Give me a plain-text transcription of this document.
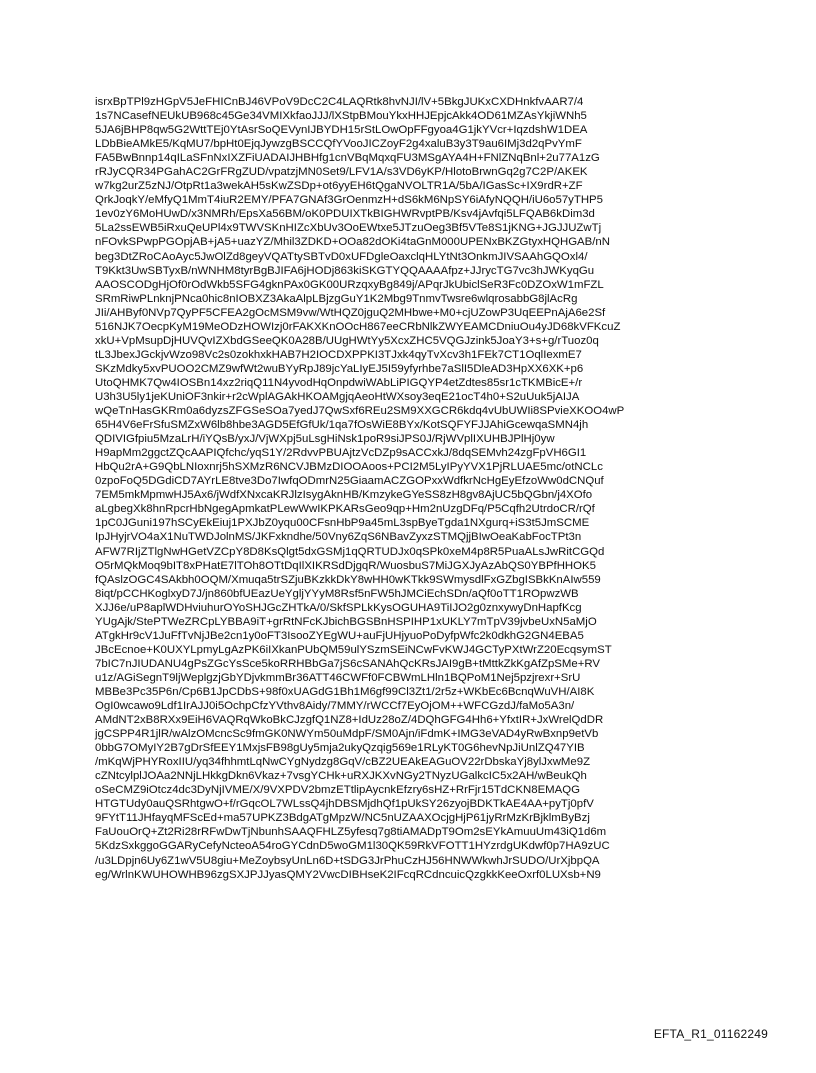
isrxBpTPl9zHGpV5JeFHICnBJ46VPoV9DcC2C4LAQRtk8hvNJI/lV+5BkgJUKxCXDHnkfvAAR7/4
1s7NCasefNEUkUB968c45Ge34VMIXkfaoJJJ/lXStpBMouYkxHHJEpjcAkk4OD61MZAsYkjiWNh5
5JA6jBHP8qw5G2WttTEj0YtAsrSoQEVynIJBYDH15rStLOwOpFFgyoa4G1jkYVcr+IqzdshW1DEA
LDbBieAMkE5/KqMU7/bpHt0EjqJywzgBSCCQfYVooJICZoyF2g4xaluB3y3T9au6IMj3d2qPvYmF
FA5BwBnnp14qILaSFnNxIXZFiUADAIJHBHfg1cnVBqMqxqFU3MSgAYA4H+FNlZNqBnl+2u77A1zG
rRJyCQR34PGahAC2GrFRgZUD/vpatzjMN0Set9/LFV1A/s3VD6yKP/HlotoBrwnGq2g7C2P/AKEK
w7kg2urZ5zNJ/OtpRt1a3wekAH5sKwZSDp+ot6yyEH6tQgaNVOLTR1A/5bA/IGasSc+IX9rdR+ZF
QrkJoqkY/eMfyQ1MmT4iuR2EMY/PFA7GNAf3GrOenmzH+dS6kM6NpSY6iAfyNQQH/iU6o57yTHP5
1ev0zY6MoHUwD/x3NMRh/EpsXa56BM/oK0PDUIXTkBIGHWRvptPB/Ksv4jAvfqi5LFQAB6kDim3d
5La2ssEWB5iRxuQeUPl4x9TWVSKnHIZcXbUv3OoEWtxe5JTzuOeg3Bf5VTe8S1jKNG+JGJJUZwTj
nFOvkSPwpPGOpjAB+jA5+uazYZ/Mhil3ZDKD+OOa82dOKi4taGnM000UPENxBKZGtyxHQHGAB/nN
beg3DtZRoCAoAyc5JwOlZd8geyVQATtySBTvD0xUFDgleOaxclqHLYtNt3OnkmJIVSAAhGQOxl4/
T9Kkt3UwSBTyxB/nWNHM8tyrBgBJIFA6jHODj863kiSKGTYQQAAAAfpz+JJrycTG7vc3hJWKyqGu
AAOSCODgHjOf0rOdWkb5SFG4gknPAx0GK00URzqxyBg849j/APqrJkUbiclSeR3Fc0DZOxW1mFZL
SRmRiwPLnknjPNca0hic8nIOBXZ3AkaAlpLBjzgGuY1K2Mbg9TnmvTwsre6wlqrosabbG8jlAcRg
JIi/AHByf0NVp7QyPF5CFEA2gOcMSM9vw/WtHQZ0jguQ2MHbwe+M0+cjUZowP3UqEEPnAjA6e2Sf
516NJK7OecpKyM19MeODzHOWIzj0rFAKXKnOOcH867eeCRbNlkZWYEAMCDniuOu4yJD68kVFKcuZ
xkU+VpMsupDjHUVQvIZXbdGSeeQK0A28B/UUgHWtYy5XcxZHC5VQGJzink5JoaY3+s+g/rTuoz0q
tL3JbexJGckjvWzo98Vc2s0zokhxkHAB7H2IOCDXPPKI3TJxk4qyTvXcv3h1FEk7CT1OqlIexmE7
SKzMdky5xvPUOO2CMZ9wfWt2wuBYyRpJ89jcYaLIyEJ5I59yfyrhbe7aSlI5DleAD3HpXX6XK+p6
UtoQHMK7Qw4IOSBn14xz2riqQ11N4yvodHqOnpdwiWAbLiPIGQYP4etZdtes85sr1cTKMBicE+/r
U3h3U5ly1jeKUniOF3nkir+r2cWplAGAkHKOAMgjqAeoHtWXsoy3eqE21ocT4h0+S2uUuk5jAIJA
wQeTnHasGKRm0a6dyzsZFGSeSOa7yedJ7QwSxf6REu2SM9XXGCR6kdq4vUbUWIi8SPvieXKOO4wP
65H4V6eFrSfuSMZxW6lb8hbe3AGD5EfGfUk/1qa7fOsWiE8BYx/KotSQFYFJJAhiGcewqaSMN4jh
QDIVIGfpiu5MzaLrH/iYQsB/yxJ/VjWXpj5uLsgHiNsk1poR9siJPS0J/RjWVplIXUHBJPlHj0yw
H9apMm2ggctZQcAAPIQfchc/yqS1Y/2RdvvPBUAjtzVcDZp9sACCxkJ/8dqSEMvh24zgFpVH6GI1
HbQu2rA+G9QbLNIoxnrj5hSXMzR6NCVJBMzDIOOAoos+PCI2M5LyIPyYVX1PjRLUAE5mc/otNCLc
0zpoFoQ5DGdiCD7AYrLE8tve3Do7IwfqODmrN25GiaamACZGOPxxWdfkrNcHgEyEfzoWw0dCNQuf
7EM5mkMpmwHJ5Ax6/jWdfXNxcaKRJlzIsygAknHB/KmzykeGYeSS8zH8gv8AjUC5bQGbn/j4XOfo
aLgbegXk8hnRpcrHbNgegApmkatPLewWwIKPKARsGeo9qp+Hm2nUzgDFq/P5Cqfh2UtrdoCR/rQf
1pC0JGuni197hSCyEkEiuj1PXJbZ0yqu00CFsnHbP9a45mL3spByeTgda1NXgurq+iS3t5JmSCME
IpJHyjrVO4aX1NuTWDJolnMS/JKFxkndhe/50Vny6ZqS6NBavZyxzSTMQjjBIwOeaKabFocTPt3n
AFW7RIjZTlgNwHGetVZCpY8D8KsQlgt5dxGSMj1qQRTUDJx0qSPk0xeM4p8R5PuaALsJwRitCGQd
O5rMQkMoq9bIT8xPHatE7lTOh8OTtDqIlXIKRSdDjgqR/WuosbuS7MiJGXJyAzAbQS0YBPfHHOK5
fQAslzOGC4SAkbh0OQM/Xmuqa5trSZjuBKzkkDkY8wHH0wKTkk9SWmysdlFxGZbgISBkKnAIw559
8iqt/pCCHKoglxyD7J/jn860bfUEazUeYgljYYyM8Rsf5nFW5hJMCiEchSDn/aQf0oTT1ROpwzWB
XJJ6e/uP8aplWDHviuhurOYoSHJGcZHTkA/0/SkfSPLkKysOGUHA9TiIJO2g0znxywyDnHapfKcg
YUgAjk/StePTWeZRCpLYBBA9iT+grRtNFcKJbichBGSBnHSPIHP1xUKLY7mTpV39jvbeUxN5aMjO
ATgkHr9cV1JuFfTvNjJBe2cn1y0oFT3IsooZYEgWU+auFjUHjyuoPoDyfpWfc2k0dkhG2GN4EBA5
JBcEcnoe+K0UXYLpmyLgAzPK6iIXkanPUbQM59ulYSzmSEiNCwFvKWJ4GCTyPXtWrZ20EcqsymST
7bIC7nJIUDANU4gPsZGcYsSce5koRRHBbGa7jS6cSANAhQcKRsJAI9gB+tMttkZkKgAfZpSMe+RV
u1z/AGiSegnT9ljWeplgzjGbYDjvkmmBr36ATT46CWFf0FCBWmLHln1BQPoM1Nej5pzjrexr+SrU
MBBe3Pc35P6n/Cp6B1JpCDbS+98f0xUAGdG1Bh1M6gf99Cl3Zt1/2r5z+WKbEc6BcnqWuVH/AI8K
OgI0wcawo9Ldf1IrAJJ0i5OchpCfzYVthv8Aidy/7MMY/rWCCf7EyOjOM++WFCGzdJ/faMo5A3n/
AMdNT2xB8RXx9EiH6VAQRqWkoBkCJzgfQ1NZ8+IdUz28oZ/4DQhGFG4Hh6+YfxtIR+JxWrelQdDR
jgCSPP4R1jlR/wAlzOMcncSc9fmGK0NWYm50uMdpF/SM0Ajn/iFdmK+IMG3eVAD4yRwBxnp9etVb
0bbG7OMyIY2B7gDrSfEEY1MxjsFB98gUy5mja2ukyQzqig569e1RLyKT0G6hevNpJiUnlZQ47YIB
/mKqWjPHYRoxIIU/yq34fhhmtLqNwCYgNydzg8GqV/cBZ2UEAkEAGuOV22rDbskaYj8ylJxwMe9Z
cZNtcylplJOAa2NNjLHkkgDkn6Vkaz+7vsgYCHk+uRXJKXvNGy2TNyzUGalkcIC5x2AH/wBeukQh
oSeCMZ9iOtcz4dc3DyNjIVME/X/9VXPDV2bmzETtlipAycnkEfzry6sHZ+RrFjr15TdCKN8EMAQG
HTGTUdy0auQSRhtgwO+f/rGqcOL7WLssQ4jhDBSMjdhQf1pUkSY26zyojBDKTkAE4AA+pyTj0pfV
9FYtT11JHfayqMFScEd+ma57UPKZ3BdgATgMpzW/NC5nUZAAXOcjgHjP61jyRrMzKrBjklmByBzj
FaUouOrQ+Zt2Ri28rRFwDwTjNbunhSAAQFHLZ5yfesq7g8tiAMADpT9Om2sEYkAmuuUm43iQ1d6m
5KdzSxkggoGGARyCefyNcteoA54roGYCdnD5woGM1l30QK59RkVFOTT1HYzrdgUKdwf0p7HA9zUC
/u3LDpjn6Uy6Z1wV5U8giu+MeZoybsyUnLn6D+tSDG3JrPhuCzHJ56HNWWkwhJrSUDO/UrXjbpQA
eg/WrlnKWUHOWHB96zgSXJPJJyasQMY2VwcDIBHseK2IFcqRCdncuicQzgkkKeeOxrf0LUXsb+N9
EFTA_R1_01162249
